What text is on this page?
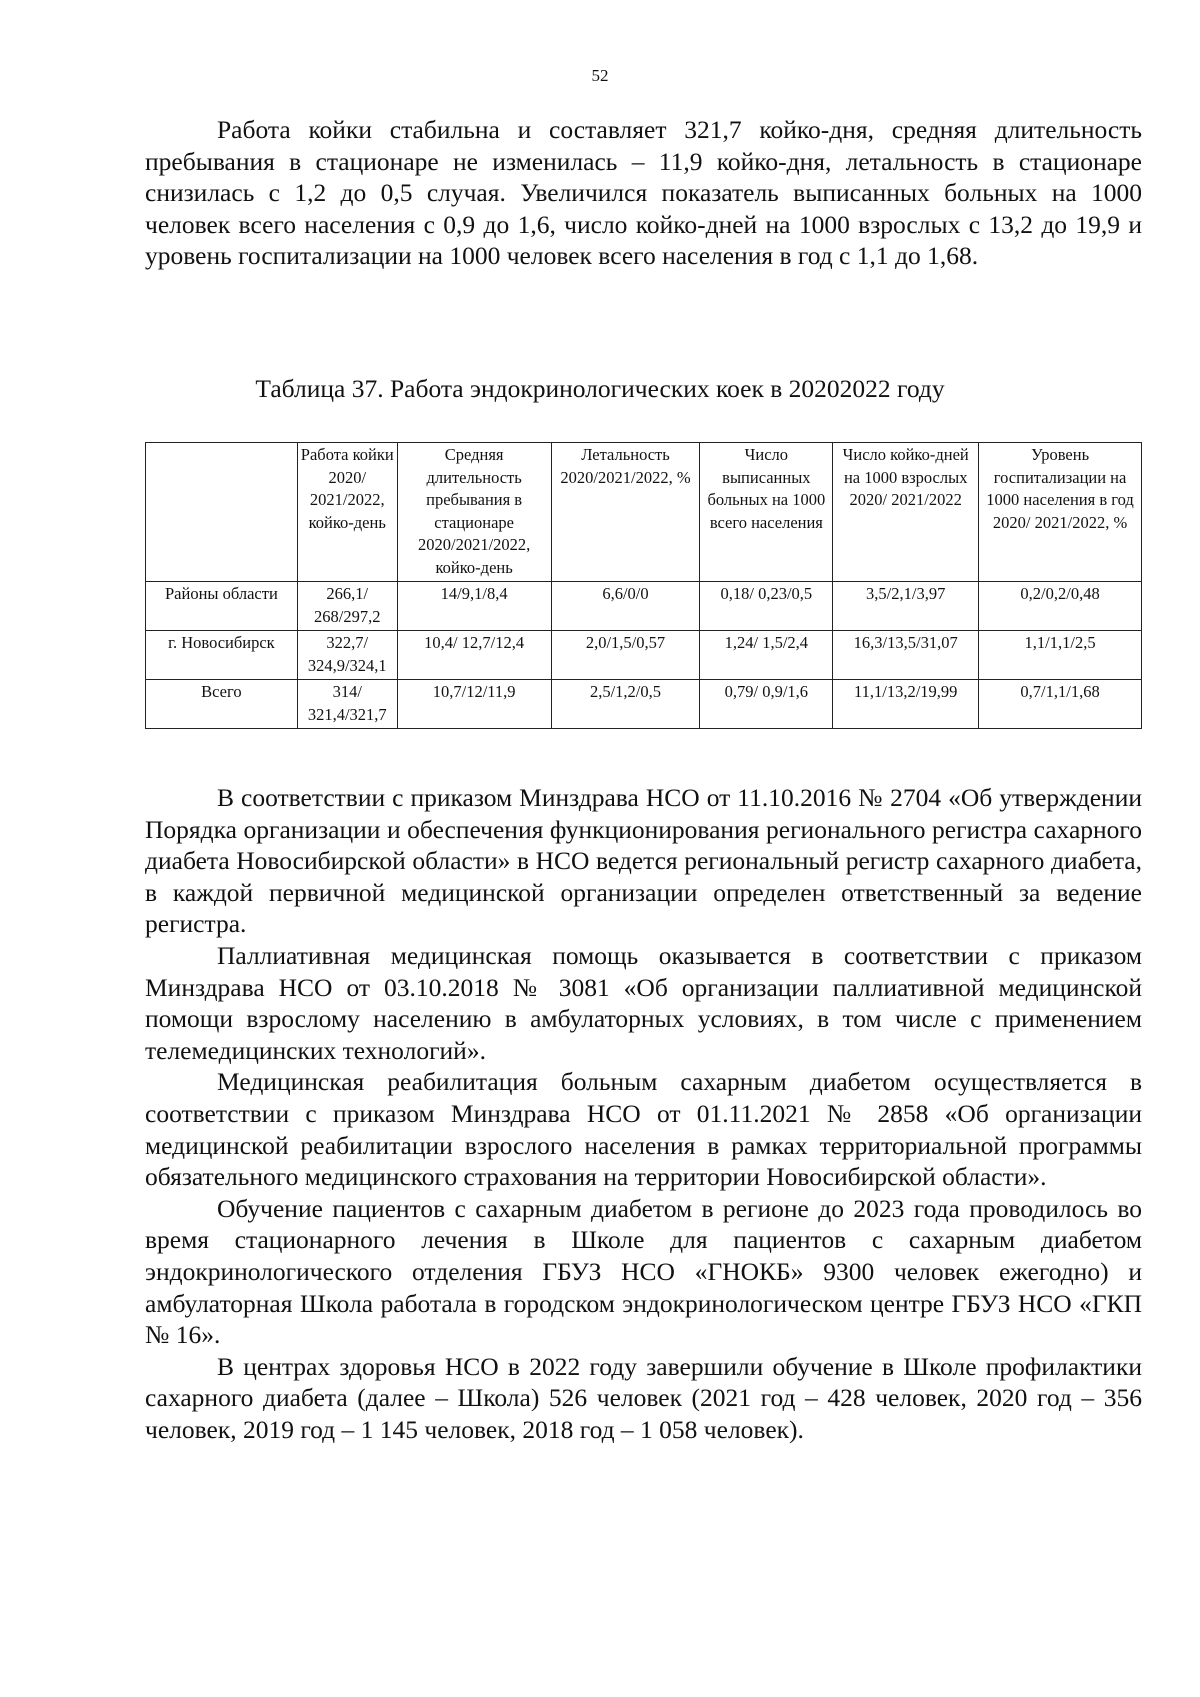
52

Работа койки стабильна и составляет 321,7 койко-дня, средняя длительность пребывания в стационаре не изменилась – 11,9 койко-дня, летальность в стационаре снизилась с 1,2 до 0,5 случая. Увеличился показатель выписанных больных на 1000 человек всего населения с 0,9 до 1,6, число койко-дней на 1000 взрослых с 13,2 до 19,9 и уровень госпитализации на 1000 человек всего населения в год с 1,1 до 1,68.

Таблица 37. Работа эндокринологических коек в 20202022 году
	Работа койки 2020/ 2021/2022, койко-день	Средняя длительность пребывания в стационаре 2020/2021/2022, койко-день	Летальность 2020/2021/2022, %	Число выписанных больных на 1000 всего населения	Число койко-дней на 1000 взрослых 2020/ 2021/2022	Уровень госпитализации на 1000 населения в год 2020/ 2021/2022, %
Районы области	266,1/ 268/297,2	14/9,1/8,4	6,6/0/0	0,18/ 0,23/0,5	3,5/2,1/3,97	0,2/0,2/0,48
г. Новосибирск	322,7/ 324,9/324,1	10,4/ 12,7/12,4	2,0/1,5/0,57	1,24/ 1,5/2,4	16,3/13,5/31,07	1,1/1,1/2,5
Всего	314/ 321,4/321,7	10,7/12/11,9	2,5/1,2/0,5	0,79/ 0,9/1,6	11,1/13,2/19,99	0,7/1,1/1,68

В соответствии с приказом Минздрава НСО от 11.10.2016 № 2704 «Об утверждении Порядка организации и обеспечения функционирования регионального регистра сахарного диабета Новосибирской области» в НСО ведется региональный регистр сахарного диабета, в каждой первичной медицинской организации определен ответственный за ведение регистра.

Паллиативная медицинская помощь оказывается в соответствии с приказом Минздрава НСО от 03.10.2018 № 3081 «Об организации паллиативной медицинской помощи взрослому населению в амбулаторных условиях, в том числе с применением телемедицинских технологий».

Медицинская реабилитация больным сахарным диабетом осуществляется в соответствии с приказом Минздрава НСО от 01.11.2021 № 2858 «Об организации медицинской реабилитации взрослого населения в рамках территориальной программы обязательного медицинского страхования на территории Новосибирской области».

Обучение пациентов с сахарным диабетом в регионе до 2023 года проводилось во время стационарного лечения в Школе для пациентов с сахарным диабетом эндокринологического отделения ГБУЗ НСО «ГНОКБ» 9300 человек ежегодно) и амбулаторная Школа работала в городском эндокринологическом центре ГБУЗ НСО «ГКП № 16».

В центрах здоровья НСО в 2022 году завершили обучение в Школе профилактики сахарного диабета (далее – Школа) 526 человек (2021 год – 428 человек, 2020 год – 356 человек, 2019 год – 1 145 человек, 2018 год – 1 058 человек).
